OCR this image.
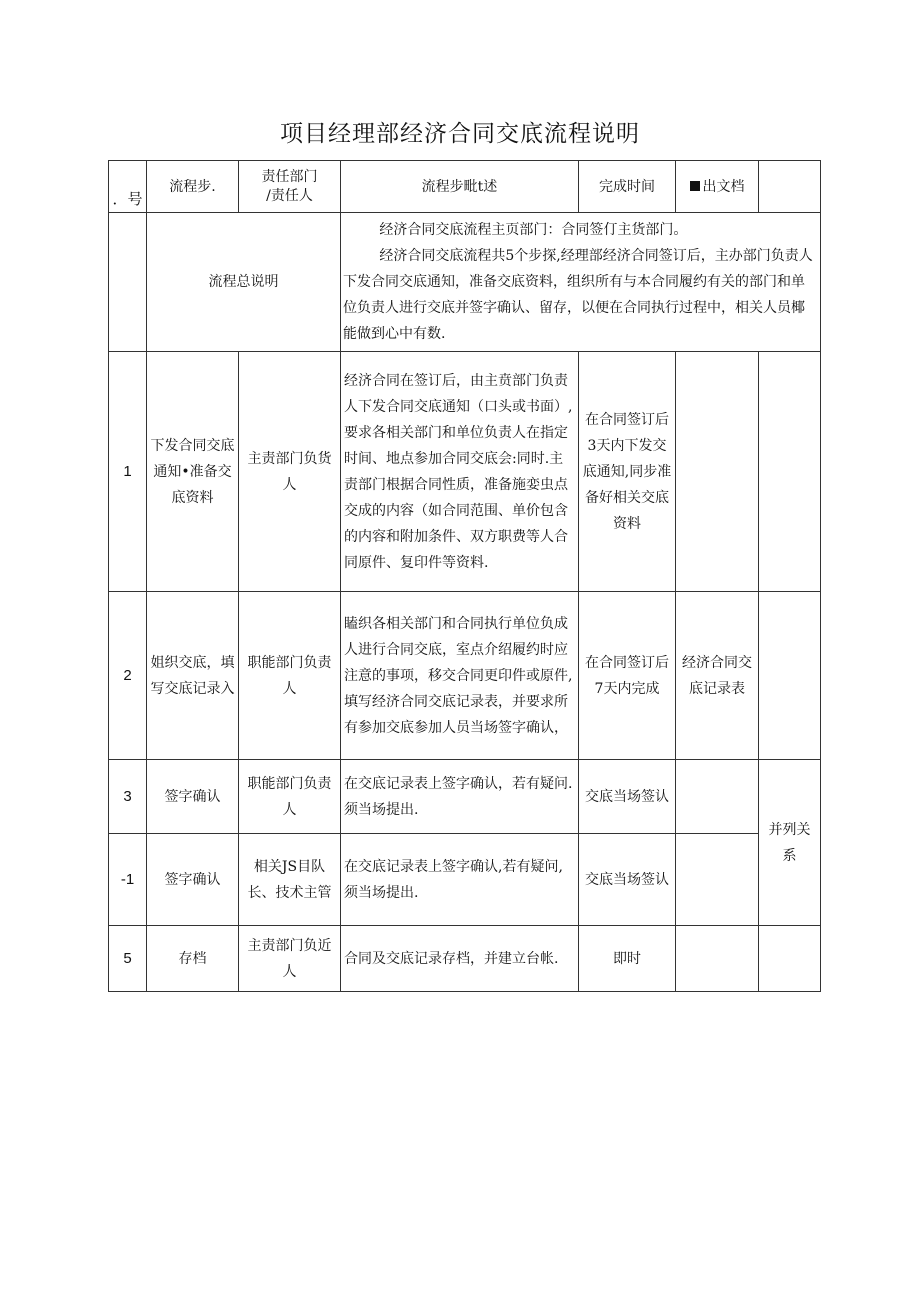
项目经理部经济合同交底流程说明
．号	流程步.	责任部门
/责任人	流程步毗t述	完成时间	出文档	
	流程总说明		经济合同交底流程主页部门：合同签仃主货部门。
经济合同交底流程共5个步探,经理部经济合同签订后，主办部门负责人下发合同交底通知，准备交底资料，组织所有与本合同履约有关的部门和单位负责人进行交底并签字确认、留存，以便在合同执行过程中，相关人员椰能做到心中有数.			

1	下发合同交底通知•准备交底资料	主责部门负货人	经济合同在签订后，由主贲部门负责人下发合同交底通知（口头或书面）,要求各相关部门和单位负责人在指定时间、地点参加合同交底会:同时.主责部门根据合同性质，准备施娈虫点交成的内容（如合同范围、单价包含的内容和附加条件、双方职费等人合同原件、复印件等资料.	在合同签订后3天内下发交底通知,同步准备好相关交底资料		
2	姐织交底，填写交底记录入	职能部门负责人	瞌织各相关部门和合同执行单位负成人进行合同交底，室点介绍履约时应注意的事项，移交合同更印件或原件,填写经济合同交底记录表，并要求所有参加交底参加人员当场签字确认，	在合同签订后7天内完成	经济合同交底记录表	
3	签字确认	职能部门负责人	在交底记录表上签字确认，若有疑问.须当场提出.	交底当场签认		并列关系
-1	签字确认	相关JS目队长、技术主管	在交底记录表上签字确认,若有疑问,须当场提出.	交底当场签认		
5	存档	主责部门负近人	合同及交底记录存档，并建立台帐.	即时		
